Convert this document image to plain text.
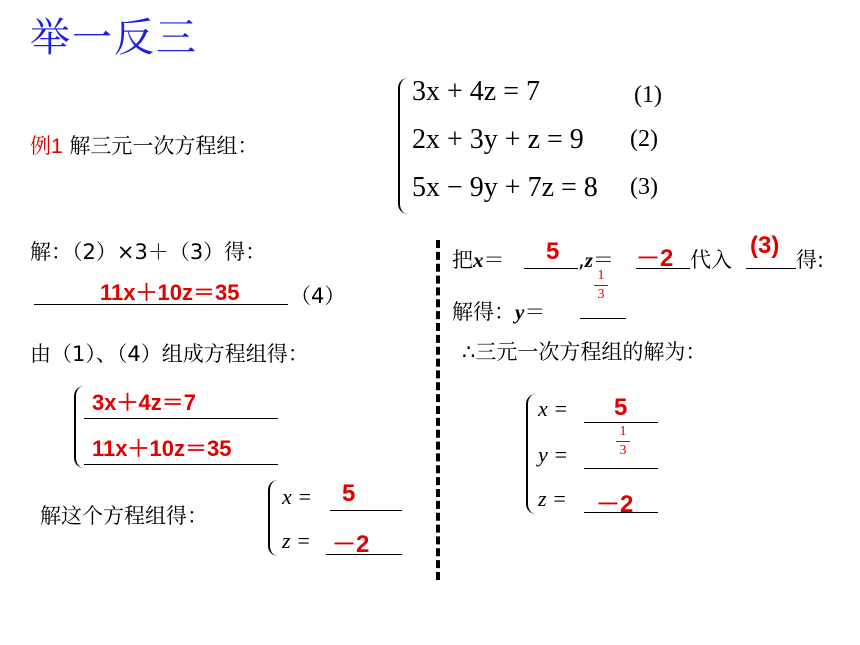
举一反三
例1 解三元一次方程组：
3x + 4z = 7
2x + 3y + z = 9
5x − 9y + 7z = 8
(1)
(2)
(3)
解：（2）×3＋（3）得：
11x＋10z＝35 （4）
由（1）、（4）组成方程组得：
3x＋4z＝7
11x＋10z＝35
解这个方程组得：
x = 5
z = －2
把x＝ 5 ,z＝ －2 代入
(3)
得:
解得：y＝
1
3
∴三元一次方程组的解为：
x = 5
y =
1
3
z = －2
